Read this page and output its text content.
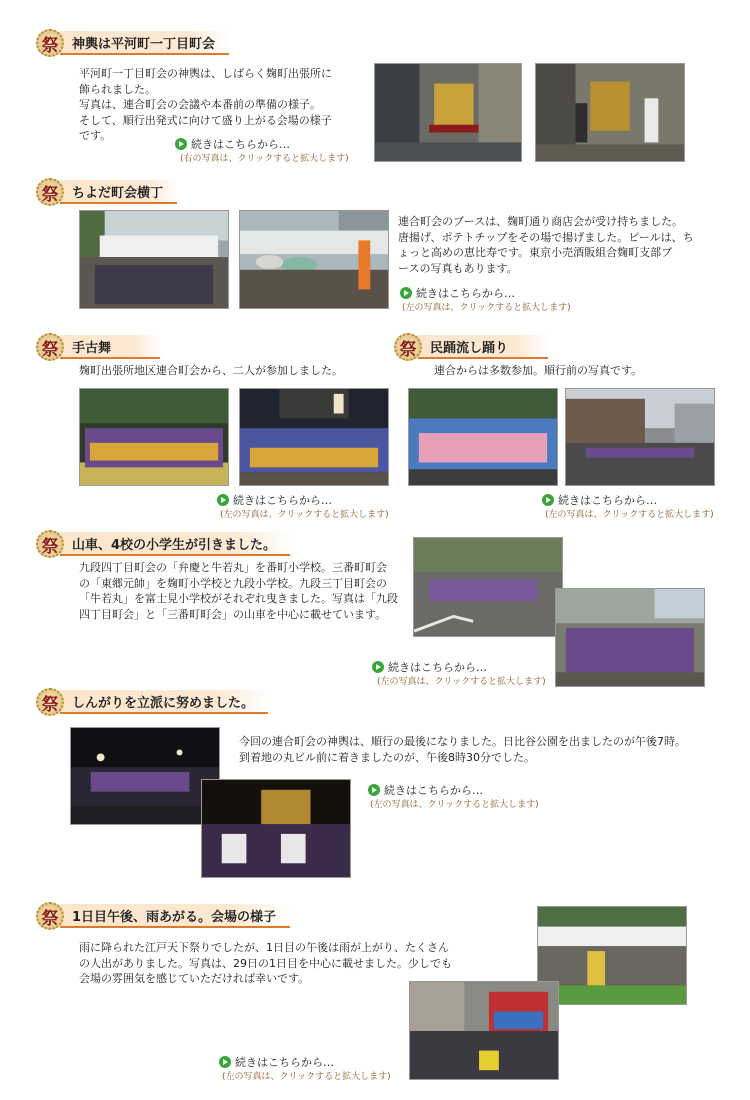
祭	神輿は平河町一丁目町会
平河町一丁目町会の神輿は、しばらく麹町出張所に
飾られました。
写真は、連合町会の会議や本番前の準備の様子。
そして、順行出発式に向けて盛り上がる会場の様子
です。
続きはこちらから…
(右の写真は、クリックすると拡大します)
祭	ちよだ町会横丁
連合町会のブースは、麹町通り商店会が受け持ちました。
唐揚げ、ポテトチップをその場で揚げました。ビールは、ち
ょっと高めの恵比寿です。東京小売酒販組合麹町支部ブ
ースの写真もあります。
続きはこちらから…
(左の写真は、クリックすると拡大します)
祭	手古舞
麹町出張所地区連合町会から、二人が参加しました。
続きはこちらから…
(左の写真は、クリックすると拡大します)
祭	民踊流し踊り
連合からは多数参加。順行前の写真です。
続きはこちらから…
(左の写真は、クリックすると拡大します)
祭	山車、4校の小学生が引きました。
九段四丁目町会の「弁慶と牛若丸」を番町小学校。三番町町会
の「東郷元帥」を麹町小学校と九段小学校。九段三丁目町会の
「牛若丸」を富士見小学校がそれぞれ曳きました。写真は「九段
四丁目町会」と「三番町町会」の山車を中心に載せています。
続きはこちらから…
(左の写真は、クリックすると拡大します)
祭	しんがりを立派に努めました。
今回の連合町会の神輿は、順行の最後になりました。日比谷公園を出ましたのが午後7時。
到着地の丸ビル前に着きましたのが、午後8時30分でした。
続きはこちらから…
(左の写真は、クリックすると拡大します)
祭	1日目午後、雨あがる。会場の様子
雨に降られた江戸天下祭りでしたが、1日目の午後は雨が上がり、たくさん
の人出がありました。写真は、29日の1日目を中心に載せました。少しでも
会場の雰囲気を感じていただければ幸いです。
続きはこちらから…
(左の写真は、クリックすると拡大します)
